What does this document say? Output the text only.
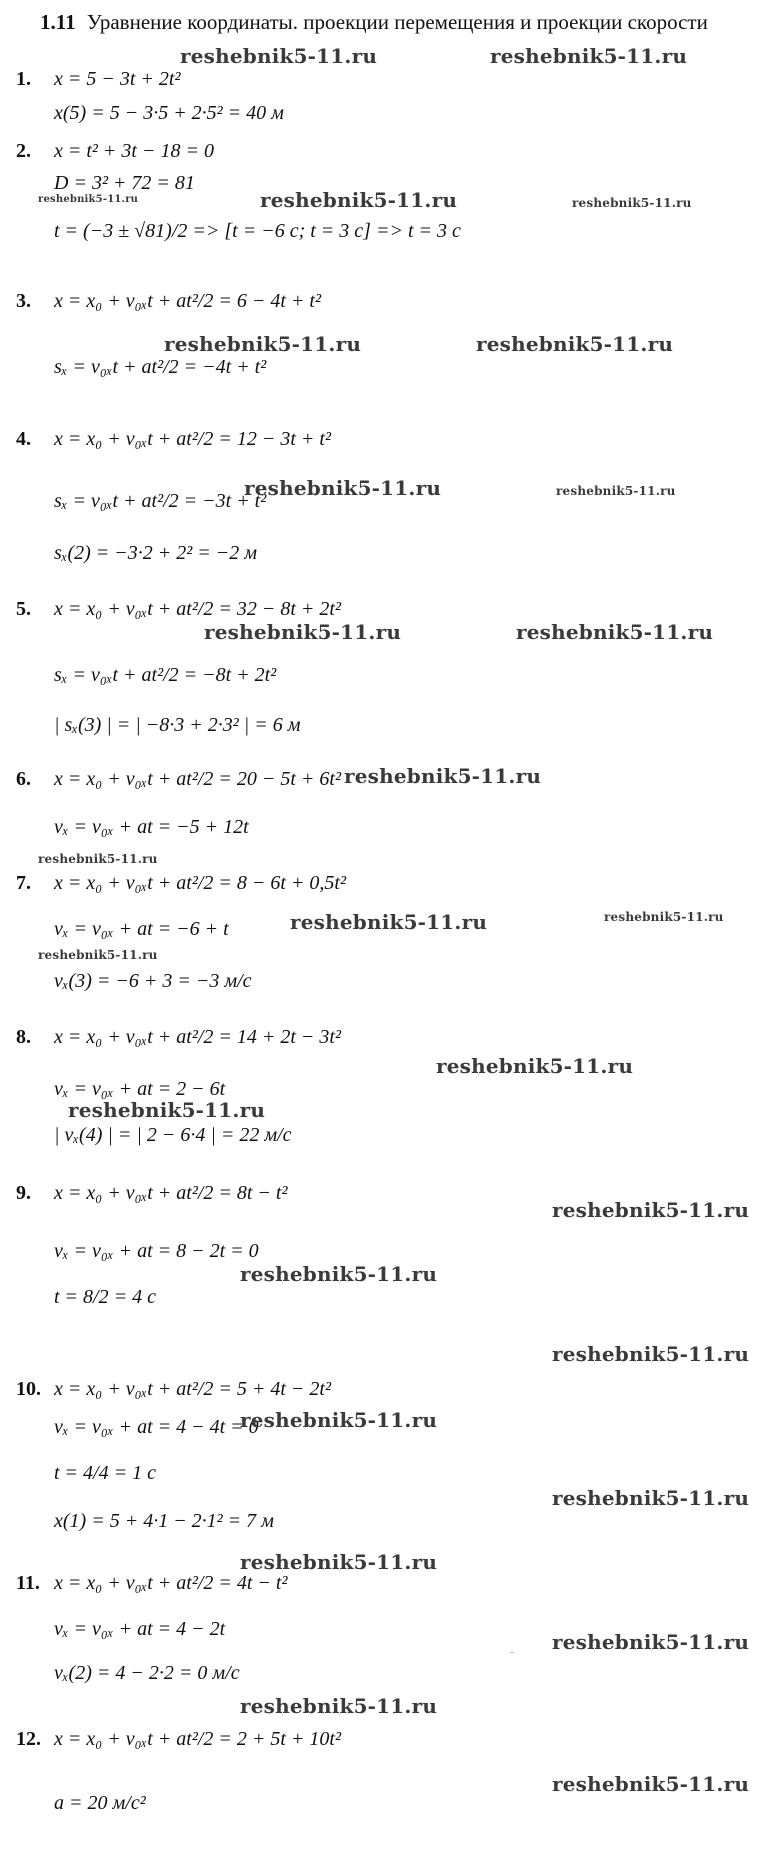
1.11 Уравнение координаты. проекции перемещения и проекции скорости
1. x = 5 − 3t + 2t²
x(5) = 5 − 3·5 + 2·5² = 40 м
2. x = t² + 3t − 18 = 0
D = 3² + 72 = 81
t = (−3 ± √81)/2 => [t = −6 с; t = 3 с] => t = 3 с
3. x = x₀ + v₀ₓt + at²/2 = 6 − 4t + t²
sₓ = v₀ₓt + at²/2 = −4t + t²
4. x = x₀ + v₀ₓt + at²/2 = 12 − 3t + t²
sₓ = v₀ₓt + at²/2 = −3t + t²
sₓ(2) = −3·2 + 2² = −2 м
5. x = x₀ + v₀ₓt + at²/2 = 32 − 8t + 2t²
sₓ = v₀ₓt + at²/2 = −8t + 2t²
| sₓ(3) | = | −8·3 + 2·3² | = 6 м
6. x = x₀ + v₀ₓt + at²/2 = 20 − 5t + 6t²
vₓ = v₀ₓ + at = −5 + 12t
7. x = x₀ + v₀ₓt + at²/2 = 8 − 6t + 0,5t²
vₓ = v₀ₓ + at = −6 + t
vₓ(3) = −6 + 3 = −3 м/с
8. x = x₀ + v₀ₓt + at²/2 = 14 + 2t − 3t²
vₓ = v₀ₓ + at = 2 − 6t
| vₓ(4) | = | 2 − 6·4 | = 22 м/с
9. x = x₀ + v₀ₓt + at²/2 = 8t − t²
vₓ = v₀ₓ + at = 8 − 2t = 0
t = 8/2 = 4 с
10. x = x₀ + v₀ₓt + at²/2 = 5 + 4t − 2t²
vₓ = v₀ₓ + at = 4 − 4t = 0
t = 4/4 = 1 с
x(1) = 5 + 4·1 − 2·1² = 7 м
11. x = x₀ + v₀ₓt + at²/2 = 4t − t²
vₓ = v₀ₓ + at = 4 − 2t
vₓ(2) = 4 − 2·2 = 0 м/с
12. x = x₀ + v₀ₓt + at²/2 = 2 + 5t + 10t²
a = 20 м/с²
reshebnik5-11.ru	reshebnik5-11.ru
reshebnik5-11.ru	reshebnik5-11.ru	reshebnik5-11.ru
reshebnik5-11.ru	reshebnik5-11.ru
reshebnik5-11.ru	reshebnik5-11.ru
reshebnik5-11.ru	reshebnik5-11.ru
reshebnik5-11.ru
reshebnik5-11.ru
reshebnik5-11.ru	reshebnik5-11.ru
reshebnik5-11.ru
reshebnik5-11.ru
reshebnik5-11.ru
reshebnik5-11.ru
reshebnik5-11.ru
reshebnik5-11.ru
reshebnik5-11.ru
reshebnik5-11.ru
reshebnik5-11.ru
reshebnik5-11.ru
reshebnik5-11.ru
reshebnik5-11.ru
